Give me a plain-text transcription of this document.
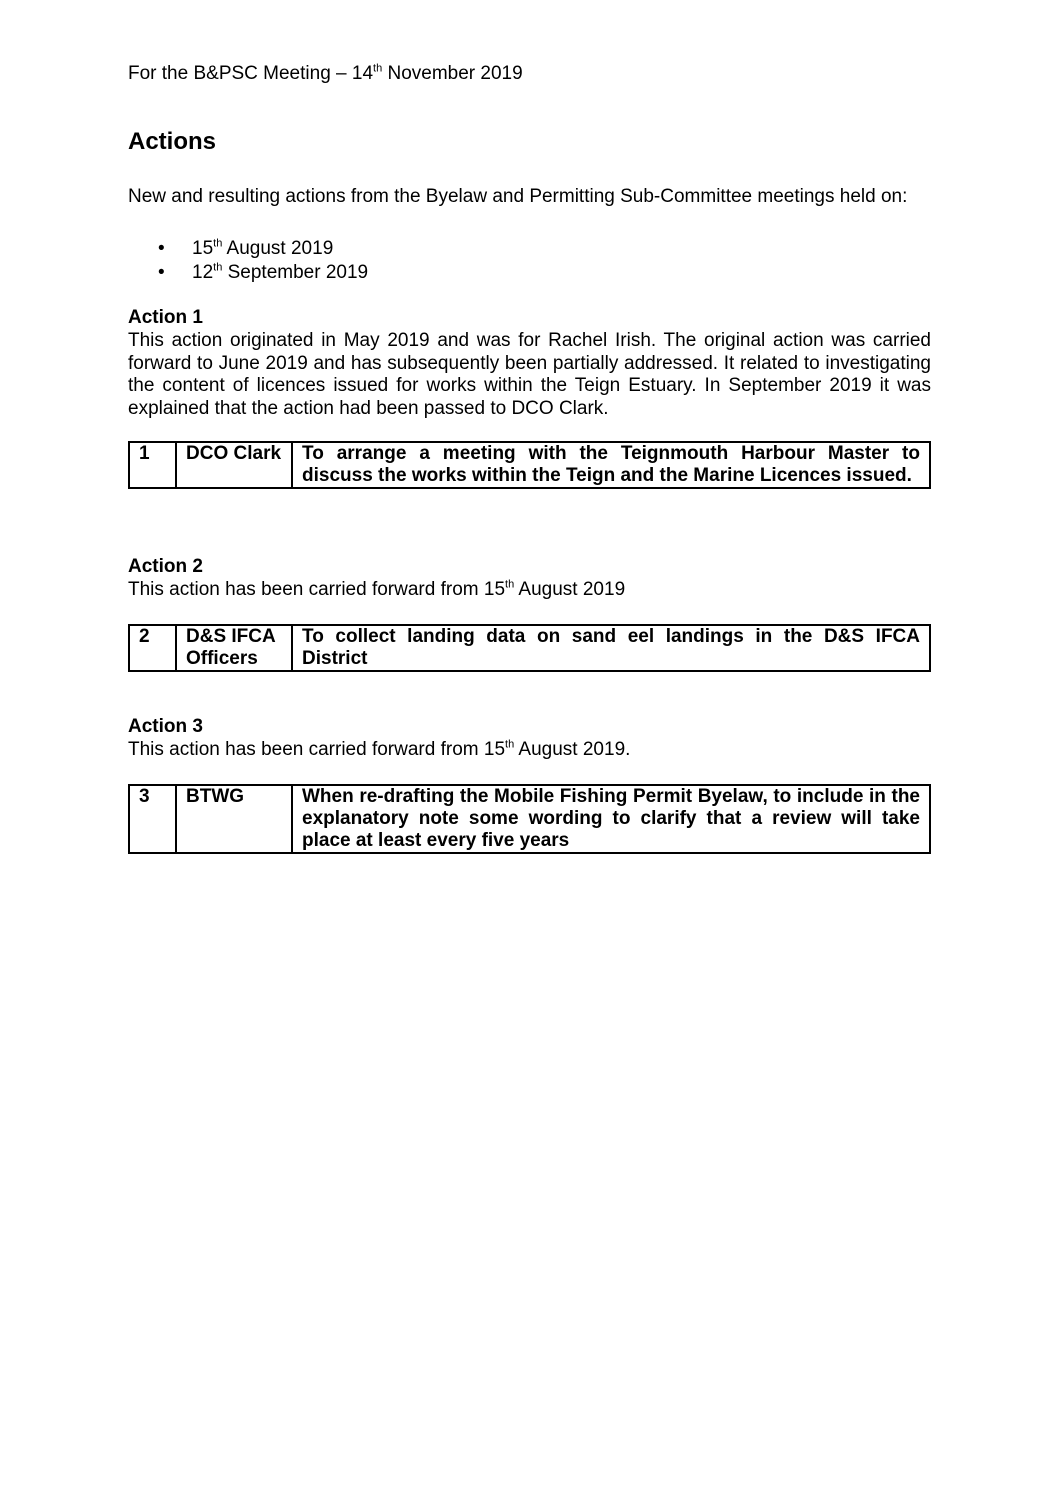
For the B&PSC Meeting – 14th November 2019
Actions
New and resulting actions from the Byelaw and Permitting Sub-Committee meetings held on:
• 15th August 2019
• 12th September 2019
Action 1
This action originated in May 2019 and was for Rachel Irish. The original action was carried forward to June 2019 and has subsequently been partially addressed. It related to investigating the content of licences issued for works within the Teign Estuary. In September 2019 it was explained that the action had been passed to DCO Clark.
1	DCO Clark	To arrange a meeting with the Teignmouth Harbour Master to discuss the works within the Teign and the Marine Licences issued.
Action 2
This action has been carried forward from 15th August 2019
2	D&S IFCA Officers	To collect landing data on sand eel landings in the D&S IFCA District
Action 3
This action has been carried forward from 15th August 2019.
3	BTWG	When re-drafting the Mobile Fishing Permit Byelaw, to include in the explanatory note some wording to clarify that a review will take place at least every five years
